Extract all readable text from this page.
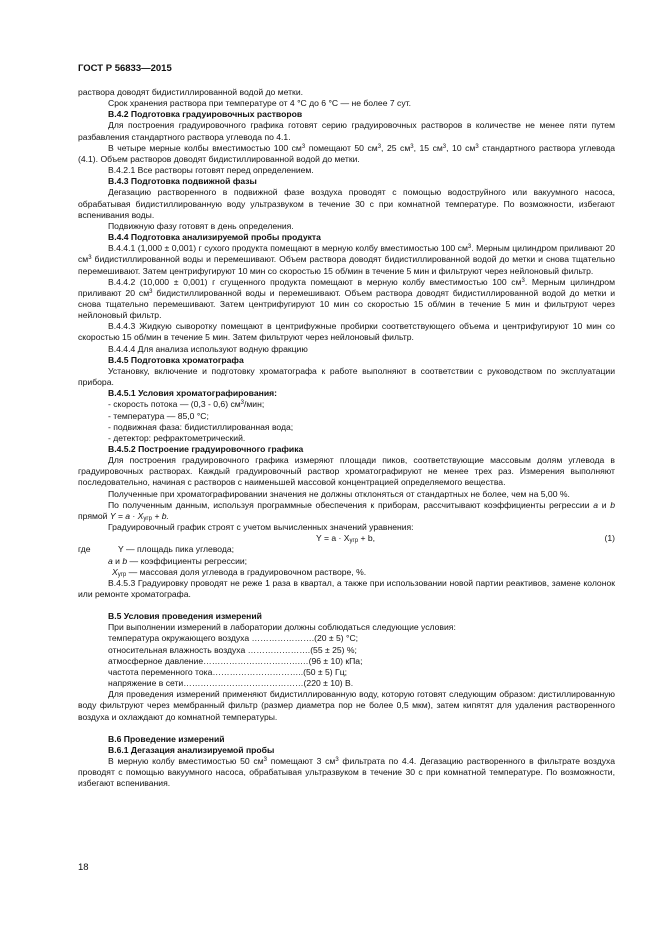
ГОСТ Р 56833—2015

раствора доводят бидистиллированной водой до метки.

Срок хранения раствора при температуре от 4 °С до 6 °С — не более 7 сут.

В.4.2 Подготовка градуировочных растворов

Для построения градуировочного графика готовят серию градуировочных растворов в количестве не менее пяти путем разбавления стандартного раствора углевода по 4.1.

В четыре мерные колбы вместимостью 100 $см^3$ помещают 50 $см^3$, 25 $см^3$, 15 $см^3$, 10 $см^3$ стандартного раствора углевода (4.1). Объем растворов доводят бидистиллированной водой до метки.

В.4.2.1 Все растворы готовят перед определением.

В.4.3 Подготовка подвижной фазы

Дегазацию растворенного в подвижной фазе воздуха проводят с помощью водоструйного или вакуумного насоса, обрабатывая бидистиллированную воду ультразвуком в течение 30 с при комнатной температуре. По возможности, избегают вспенивания воды.

Подвижную фазу готовят в день определения.

В.4.4 Подготовка анализируемой пробы продукта

В.4.4.1 (1,000 ± 0,001) г сухого продукта помещают в мерную колбу вместимостью 100 $см^3$. Мерным цилиндром приливают 20 $см^3$ бидистиллированной воды и перемешивают. Объем раствора доводят бидистиллированной водой до метки и снова тщательно перемешивают. Затем центрифугируют 10 мин со скоростью 15 об/мин в течение 5 мин и фильтруют через нейлоновый фильтр.

В.4.4.2 (10,000 ± 0,001) г сгущенного продукта помещают в мерную колбу вместимостью 100 $см^3$. Мерным цилиндром приливают 20 $см^3$ бидистиллированной воды и перемешивают. Объем раствора доводят бидистиллированной водой до метки и снова тщательно перемешивают. Затем центрифугируют 10 мин со скоростью 15 об/мин в течение 5 мин и фильтруют через нейлоновый фильтр.

В.4.4.3 Жидкую сыворотку помещают в центрифужные пробирки соответствующего объема и центрифугируют 10 мин со скоростью 15 об/мин в течение 5 мин. Затем фильтруют через нейлоновый фильтр.

В.4.4.4 Для анализа используют водную фракцию

В.4.5 Подготовка хроматографа

Установку, включение и подготовку хроматографа к работе выполняют в соответствии с руководством по эксплуатации прибора.

В.4.5.1 Условия хроматографирования:

- скорость потока — (0,3 - 0,6) $см^3$/мин;

- температура — 85,0 °С;

- подвижная фаза: бидистиллированная вода;

- детектор: рефрактометрический.

В.4.5.2 Построение градуировочного графика

Для построения градуировочного графика измеряют площади пиков, соответствующие массовым долям углевода в градуировочных растворах. Каждый градуировочный раствор хроматографируют не менее трех раз. Измерения выполняют последовательно, начиная с растворов с наименьшей массовой концентрацией определяемого вещества.

Полученные при хроматографировании значения не должны отклоняться от стандартных не более, чем на 5,00 %.

По полученным данным, используя программные обеспечения к приборам, рассчитывают коэффициенты регрессии a и b прямой $Y = a \cdot X_{угр} + b$.

Градуировочный график строят с учетом вычисленных значений уравнения:

$Y = a \cdot X_{угр} + b$,	(1)
где	Y — площадь пика углевода;

a и b — коэффициенты регрессии;

$X_{угр}$ — массовая доля углевода в градуировочном растворе, %.

В.4.5.3 Градуировку проводят не реже 1 раза в квартал, а также при использовании новой партии реактивов, замене колонок или ремонте хроматографа.

В.5 Условия проведения измерений

При выполнении измерений в лаборатории должны соблюдаться следующие условия:

температура окружающего воздуха ………………….(20 ± 5) °С;

относительная влажность воздуха ………………….(55 ± 25) %;

атмосферное давление…………………………….…(96 ± 10) кПа;

частота переменного тока…………………………..(50 ± 5) Гц;

напряжение в сети……………………………………(220 ± 10) В.

Для проведения измерений применяют бидистиллированную воду, которую готовят следующим образом: дистиллированную воду фильтруют через мембранный фильтр (размер диаметра пор не более 0,5 мкм), затем кипятят для удаления растворенного воздуха и охлаждают до комнатной температуры.

В.6 Проведение измерений

В.6.1 Дегазация анализируемой пробы

В мерную колбу вместимостью 50 $см^3$ помещают 3 $см^3$ фильтрата по 4.4. Дегазацию растворенного в фильтрате воздуха проводят с помощью вакуумного насоса, обрабатывая ультразвуком в течение 30 с при комнатной температуре. По возможности, избегают вспенивания.

18
